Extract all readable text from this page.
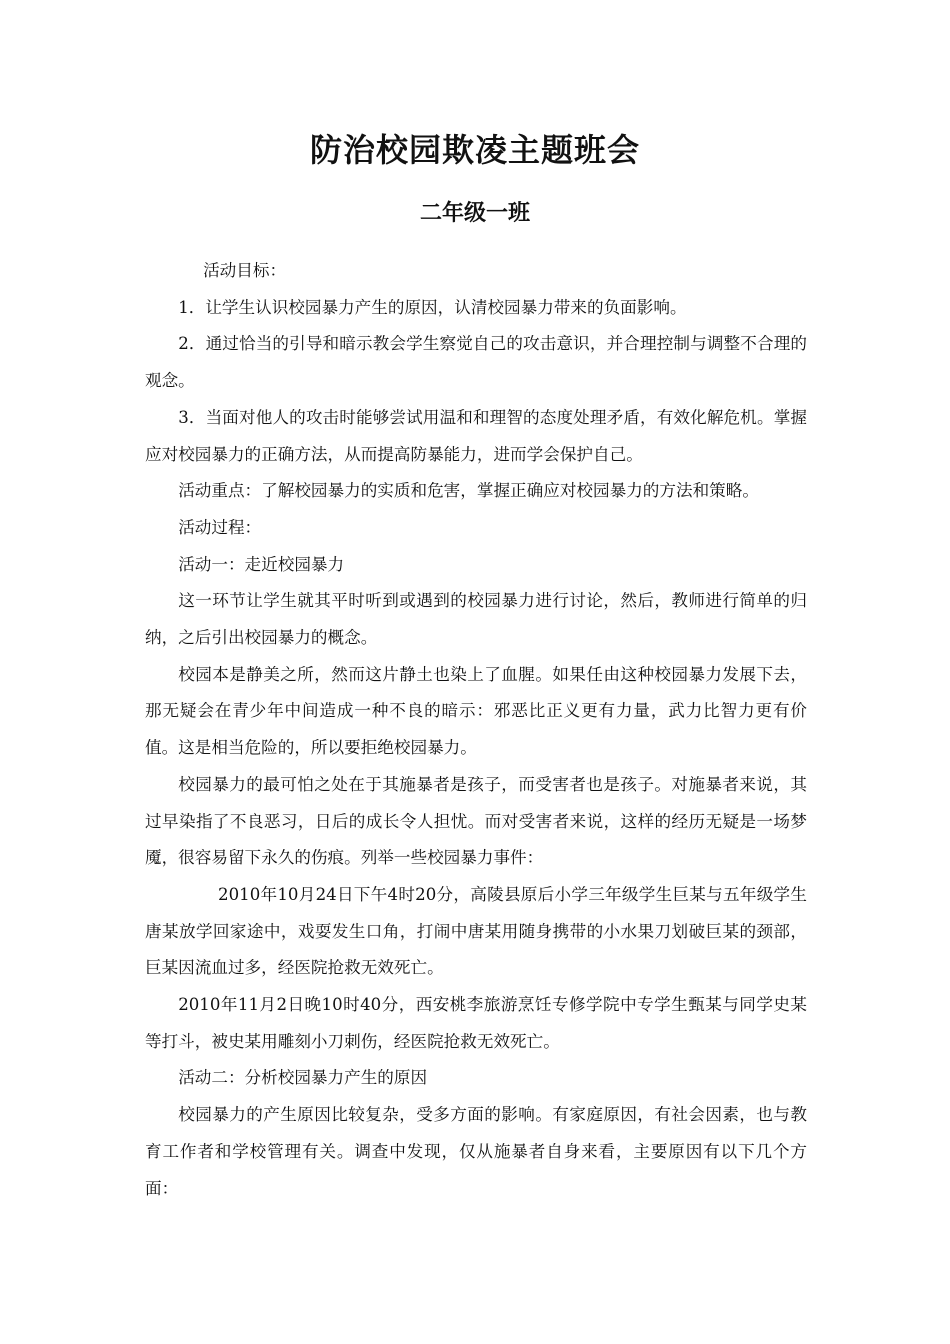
防治校园欺凌主题班会
二年级一班

活动目标：

1．让学生认识校园暴力产生的原因，认清校园暴力带来的负面影响。

2．通过恰当的引导和暗示教会学生察觉自己的攻击意识，并合理控制与调整不合理的观念。

3．当面对他人的攻击时能够尝试用温和和理智的态度处理矛盾，有效化解危机。掌握应对校园暴力的正确方法，从而提高防暴能力，进而学会保护自己。

活动重点：了解校园暴力的实质和危害，掌握正确应对校园暴力的方法和策略。

活动过程：

活动一：走近校园暴力

这一环节让学生就其平时听到或遇到的校园暴力进行讨论，然后，教师进行简单的归纳，之后引出校园暴力的概念。

校园本是静美之所，然而这片静土也染上了血腥。如果任由这种校园暴力发展下去，那无疑会在青少年中间造成一种不良的暗示：邪恶比正义更有力量，武力比智力更有价值。这是相当危险的，所以要拒绝校园暴力。

校园暴力的最可怕之处在于其施暴者是孩子，而受害者也是孩子。对施暴者来说，其过早染指了不良恶习，日后的成长令人担忧。而对受害者来说，这样的经历无疑是一场梦魇，很容易留下永久的伤痕。列举一些校园暴力事件：

2010年10月24日下午4时20分，高陵县原后小学三年级学生巨某与五年级学生唐某放学回家途中，戏耍发生口角，打闹中唐某用随身携带的小水果刀划破巨某的颈部，巨某因流血过多，经医院抢救无效死亡。

2010年11月2日晚10时40分，西安桃李旅游烹饪专修学院中专学生甄某与同学史某等打斗，被史某用雕刻小刀刺伤，经医院抢救无效死亡。

活动二：分析校园暴力产生的原因

校园暴力的产生原因比较复杂，受多方面的影响。有家庭原因，有社会因素，也与教育工作者和学校管理有关。调查中发现，仅从施暴者自身来看，主要原因有以下几个方面：
